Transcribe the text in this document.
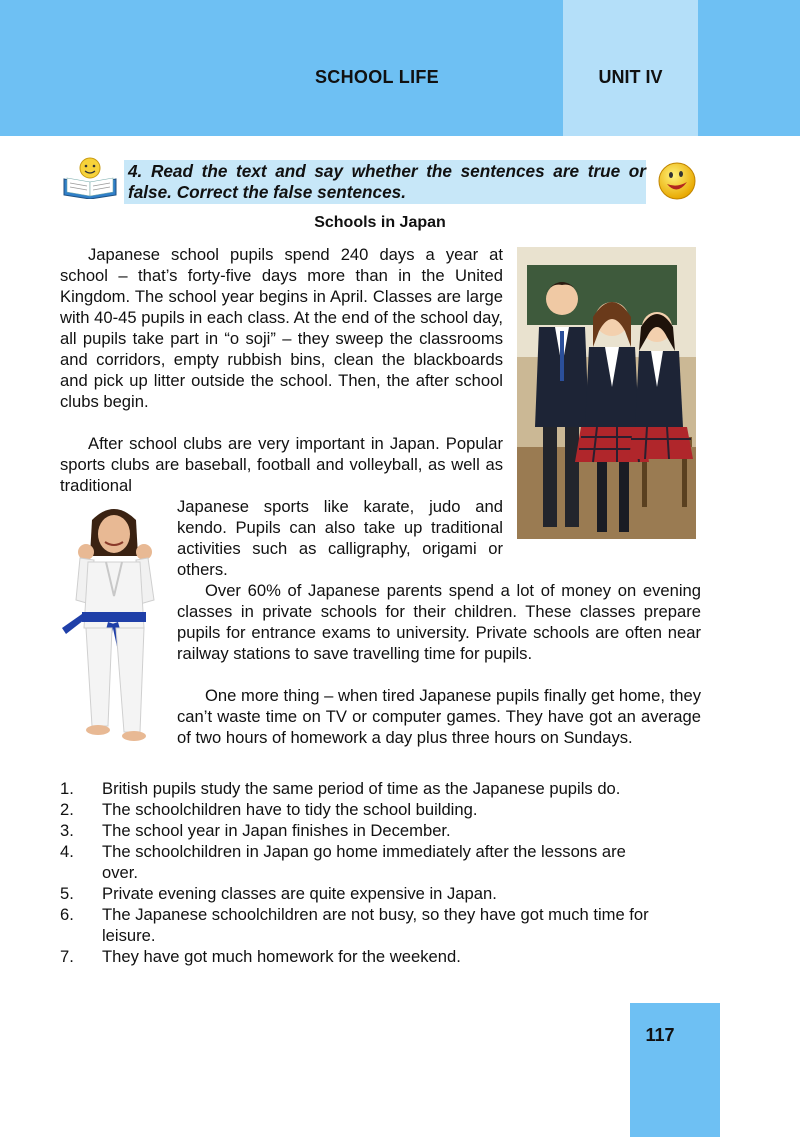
SCHOOL LIFE	UNIT IV
4. Read the text and say whether the sentences are true or false. Correct the false sentences.
Schools in Japan

Japanese school pupils spend 240 days a year at school – that’s forty-five days more than in the United Kingdom. The school year begins in April. Classes are large with 40-45 pupils in each class. At the end of the school day, all pupils take part in “o soji” – they sweep the classrooms and corridors, empty rubbish bins, clean the blackboards and pick up litter outside the school. Then, the after school clubs begin.

After school clubs are very important in Japan. Popular sports clubs are baseball, football and volleyball, as well as traditional

Japanese sports like karate, judo and kendo. Pupils can also take up traditional activities such as calligraphy, origami or others.

Over 60% of Japanese parents spend a lot of money on evening classes in private schools for their children. These classes prepare pupils for entrance exams to university. Private schools are often near railway stations to save travelling time for pupils.

One more thing – when tired Japanese pupils finally get home, they can’t waste time on TV or computer games. They have got an average of two hours of homework a day plus three hours on Sundays.

1. British pupils study the same period of time as the Japanese pupils do.
2. The schoolchildren have to tidy the school building.
3. The school year in Japan finishes in December.
4. The schoolchildren in Japan go home immediately after the lessons are over.
5. Private evening classes are quite expensive in Japan.
6. The Japanese schoolchildren are not busy, so they have got much time for leisure.
7. They have got much homework for the weekend.
117
